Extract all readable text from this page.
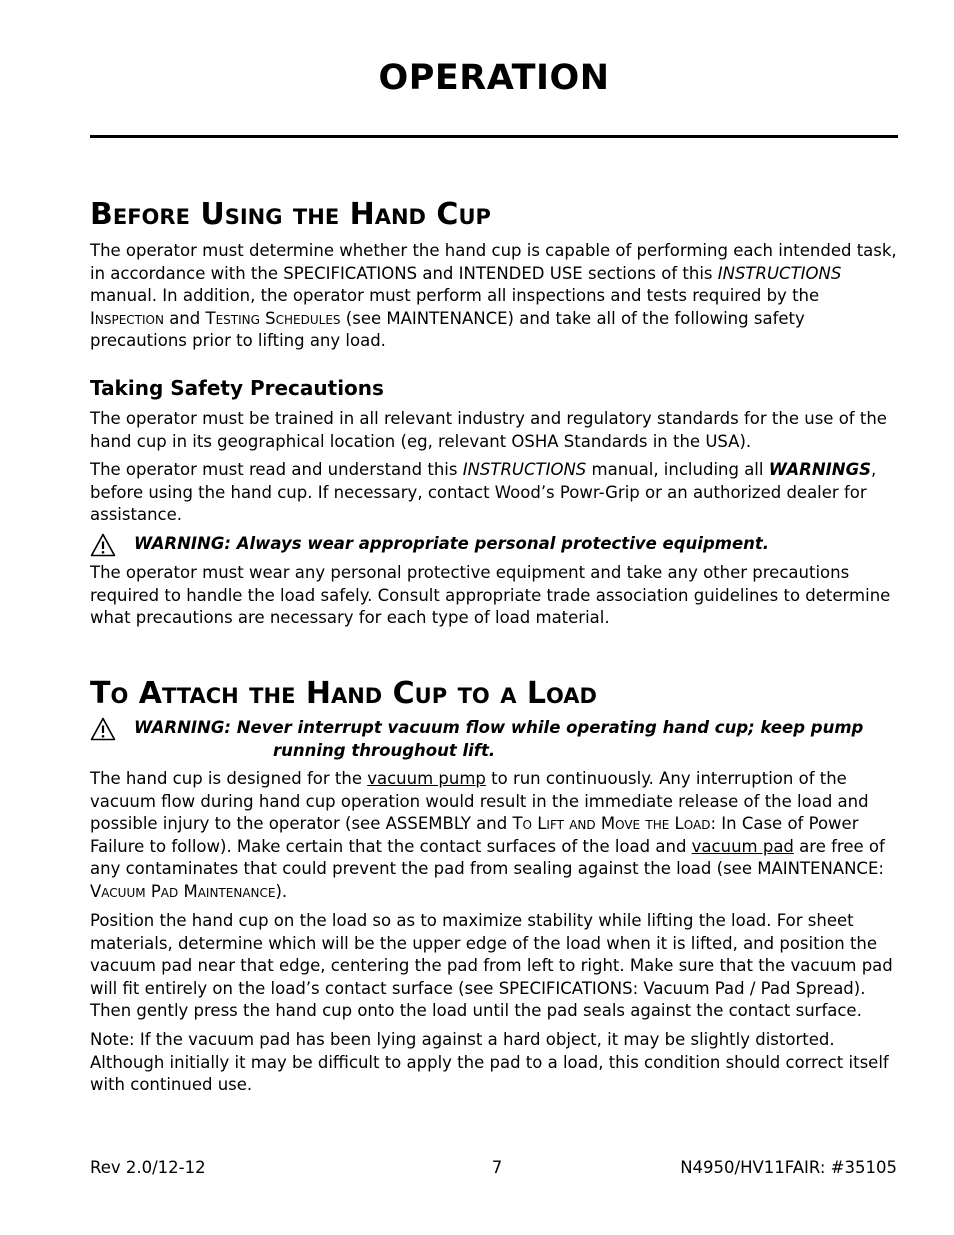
OPERATION
Before Using the Hand Cup

The operator must determine whether the hand cup is capable of performing each intended task,
in accordance with the SPECIFICATIONS and INTENDED USE sections of this INSTRUCTIONS
manual. In addition, the operator must perform all inspections and tests required by the
Inspection and Testing Schedules (see MAINTENANCE) and take all of the following safety
precautions prior to lifting any load.

Taking Safety Precautions

The operator must be trained in all relevant industry and regulatory standards for the use of the
hand cup in its geographical location (eg, relevant OSHA Standards in the USA).

The operator must read and understand this INSTRUCTIONS manual, including all WARNINGS,
before using the hand cup. If necessary, contact Wood’s Powr-Grip or an authorized dealer for
assistance.

WARNING: Always wear appropriate personal protective equipment.

The operator must wear any personal protective equipment and take any other precautions
required to handle the load safely. Consult appropriate trade association guidelines to determine
what precautions are necessary for each type of load material.

To Attach the Hand Cup to a Load
WARNING: Never interrupt vacuum flow while operating hand cup; keep pump
running throughout lift.

The hand cup is designed for the vacuum pump to run continuously. Any interruption of the
vacuum flow during hand cup operation would result in the immediate release of the load and
possible injury to the operator (see ASSEMBLY and To Lift and Move the Load: In Case of Power
Failure to follow). Make certain that the contact surfaces of the load and vacuum pad are free of
any contaminates that could prevent the pad from sealing against the load (see MAINTENANCE:
Vacuum Pad Maintenance).

Position the hand cup on the load so as to maximize stability while lifting the load. For sheet
materials, determine which will be the upper edge of the load when it is lifted, and position the
vacuum pad near that edge, centering the pad from left to right. Make sure that the vacuum pad
will fit entirely on the load’s contact surface (see SPECIFICATIONS: Vacuum Pad / Pad Spread).
Then gently press the hand cup onto the load until the pad seals against the contact surface.

Note: If the vacuum pad has been lying against a hard object, it may be slightly distorted.
Although initially it may be difficult to apply the pad to a load, this condition should correct itself
with continued use.

Rev 2.0/12-12	7	N4950/HV11FAIR: #35105
